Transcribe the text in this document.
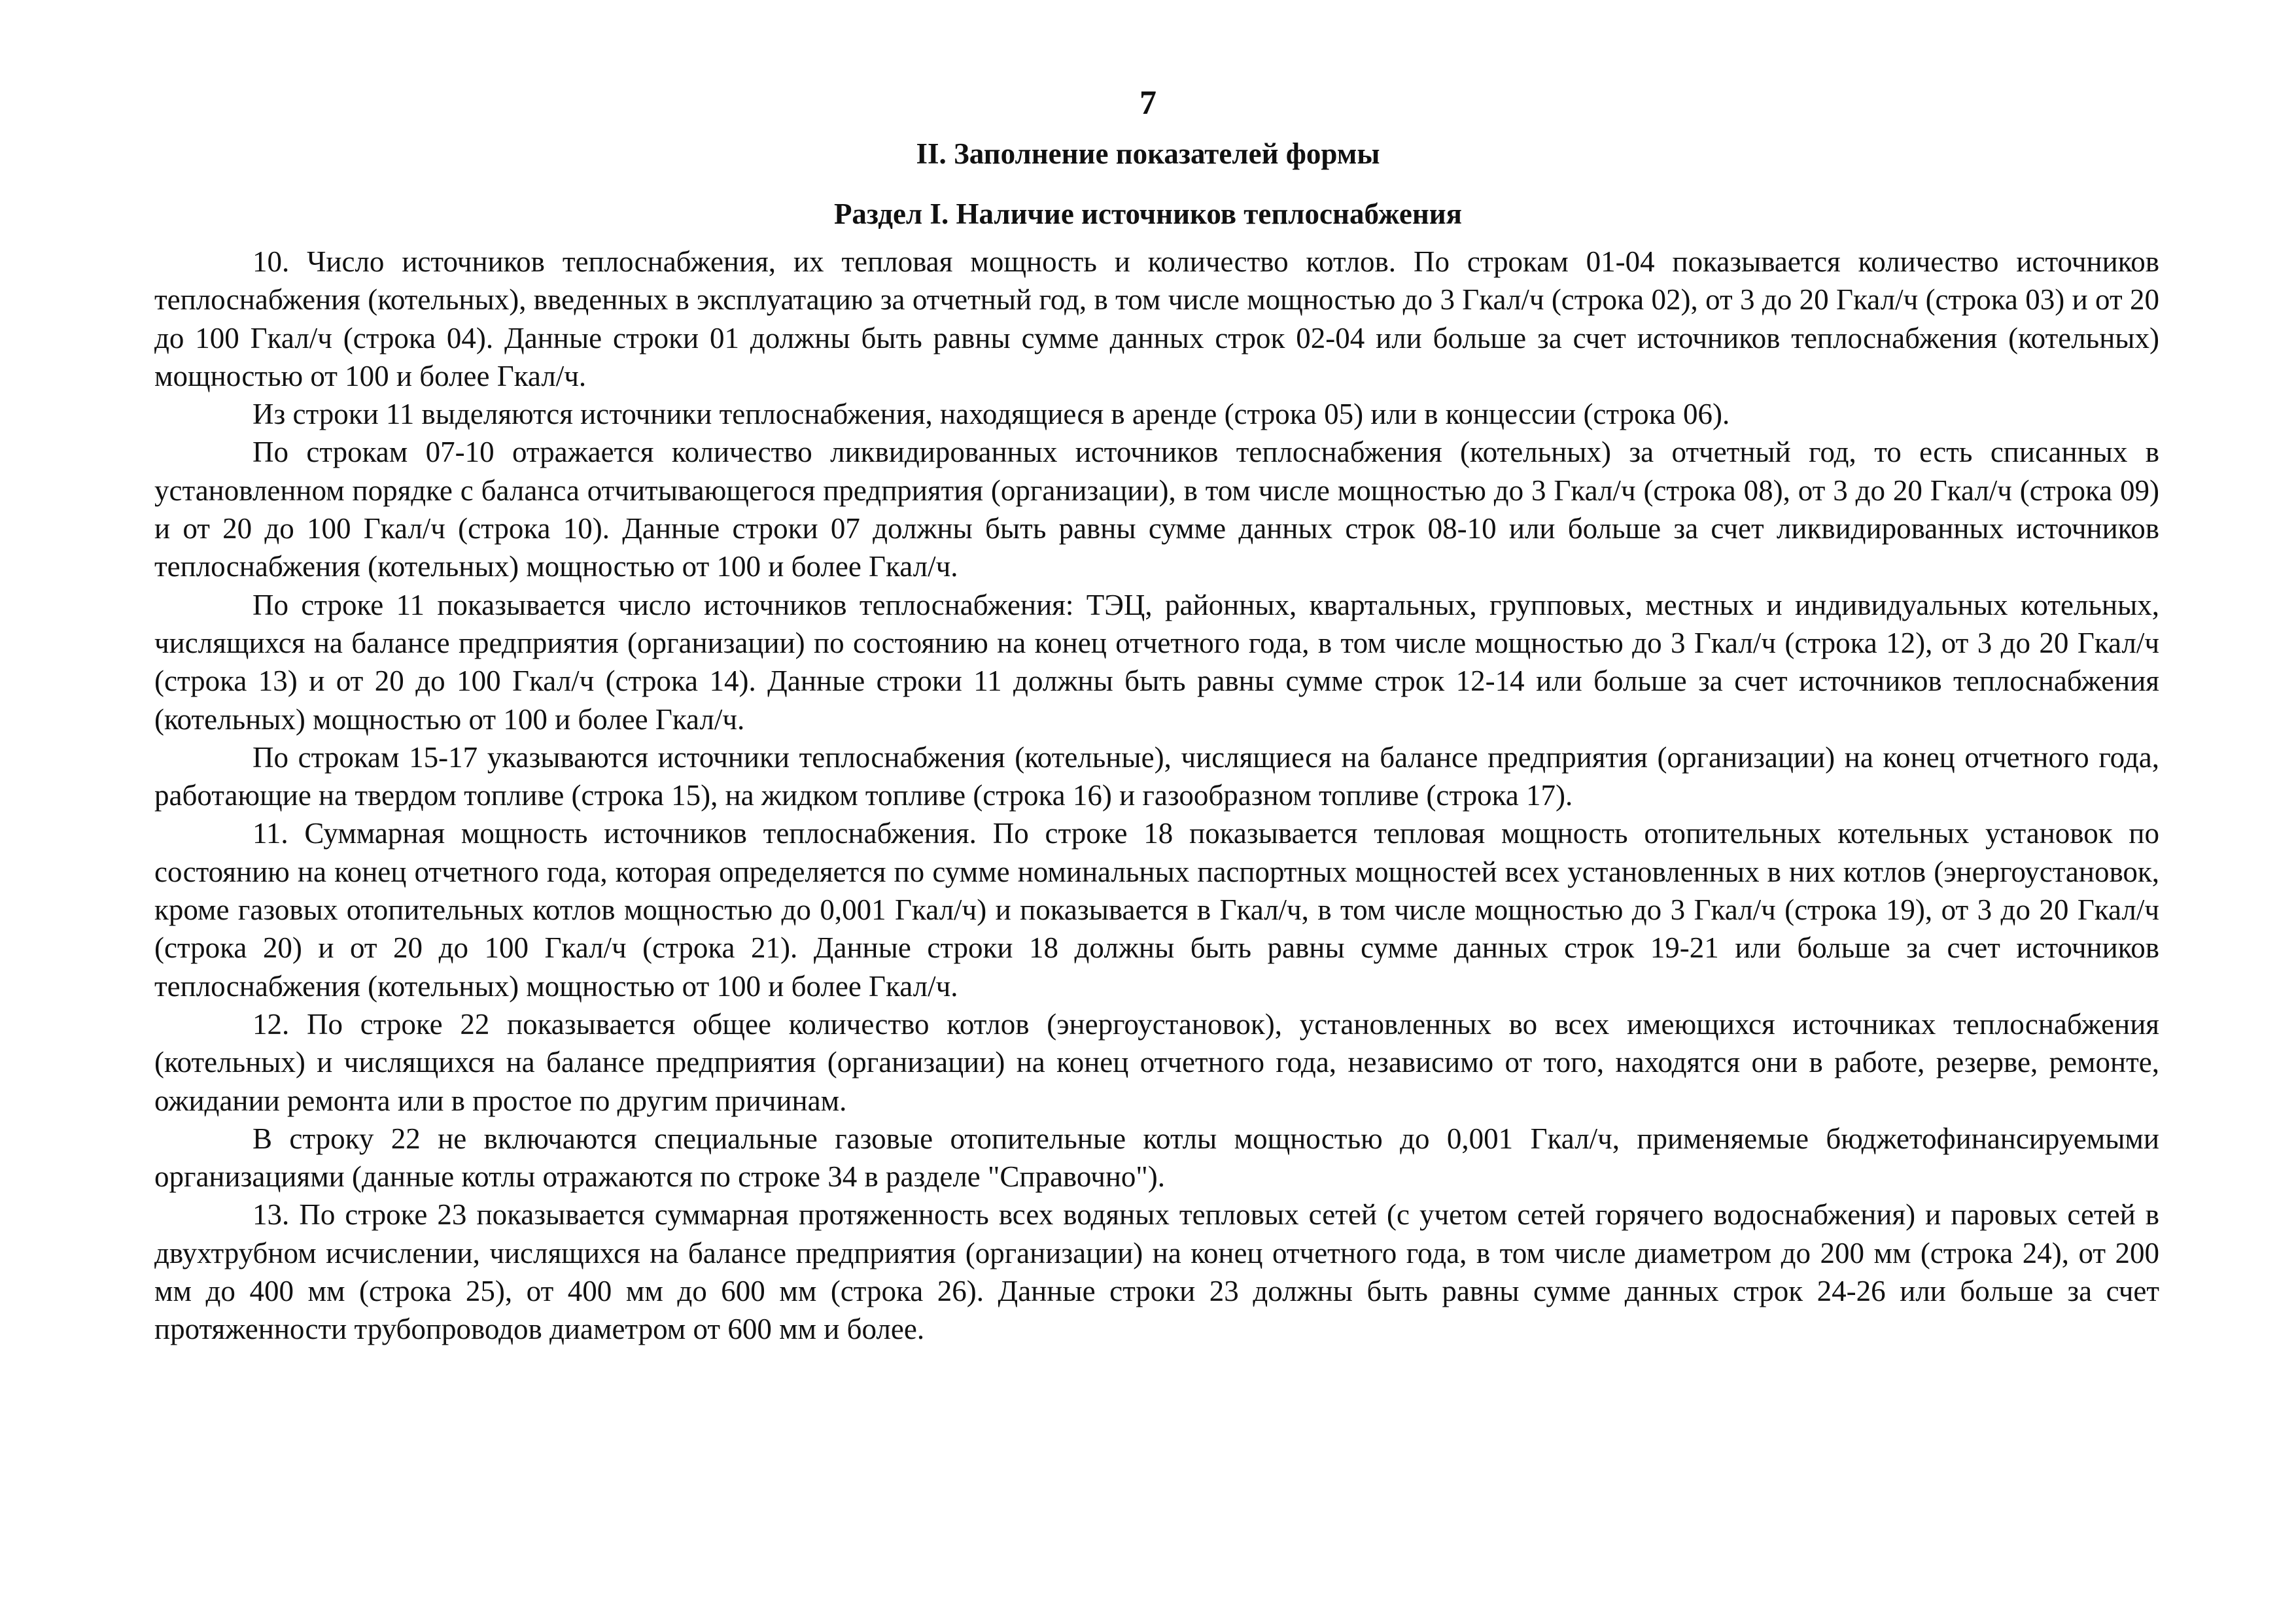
7
II. Заполнение показателей формы
Раздел I. Наличие источников теплоснабжения

10. Число источников теплоснабжения, их тепловая мощность и количество котлов. По строкам 01-04 показывается количество источников теплоснабжения (котельных), введенных в эксплуатацию за отчетный год, в том числе мощностью до 3 Гкал/ч (строка 02), от 3 до 20 Гкал/ч (строка 03) и от 20 до 100 Гкал/ч (строка 04). Данные строки 01 должны быть равны сумме данных строк 02-04 или больше за счет источников теплоснабжения (котельных) мощностью от 100 и более Гкал/ч.

Из строки 11 выделяются источники теплоснабжения, находящиеся в аренде (строка 05) или в концессии (строка 06).

По строкам 07-10 отражается количество ликвидированных источников теплоснабжения (котельных) за отчетный год, то есть списанных в установленном порядке с баланса отчитывающегося предприятия (организации), в том числе мощностью до 3 Гкал/ч (строка 08), от 3 до 20 Гкал/ч (строка 09) и от 20 до 100 Гкал/ч (строка 10). Данные строки 07 должны быть равны сумме данных строк 08-10 или больше за счет ликвидированных источников теплоснабжения (котельных) мощностью от 100 и более Гкал/ч.

По строке 11 показывается число источников теплоснабжения: ТЭЦ, районных, квартальных, групповых, местных и индивидуальных котельных, числящихся на балансе предприятия (организации) по состоянию на конец отчетного года, в том числе мощностью до 3 Гкал/ч (строка 12), от 3 до 20 Гкал/ч (строка 13) и от 20 до 100 Гкал/ч (строка 14). Данные строки 11 должны быть равны сумме строк 12-14 или больше за счет источников теплоснабжения (котельных) мощностью от 100 и более Гкал/ч.

По строкам 15-17 указываются источники теплоснабжения (котельные), числящиеся на балансе предприятия (организации) на конец отчетного года, работающие на твердом топливе (строка 15), на жидком топливе (строка 16) и газообразном топливе (строка 17).

11. Суммарная мощность источников теплоснабжения. По строке 18 показывается тепловая мощность отопительных котельных установок по состоянию на конец отчетного года, которая определяется по сумме номинальных паспортных мощностей всех установленных в них котлов (энергоустановок, кроме газовых отопительных котлов мощностью до 0,001 Гкал/ч) и показывается в Гкал/ч, в том числе мощностью до 3 Гкал/ч (строка 19), от 3 до 20 Гкал/ч (строка 20) и от 20 до 100 Гкал/ч (строка 21). Данные строки 18 должны быть равны сумме данных строк 19-21 или больше за счет источников теплоснабжения (котельных) мощностью от 100 и более Гкал/ч.

12. По строке 22 показывается общее количество котлов (энергоустановок), установленных во всех имеющихся источниках теплоснабжения (котельных) и числящихся на балансе предприятия (организации) на конец отчетного года, независимо от того, находятся они в работе, резерве, ремонте, ожидании ремонта или в простое по другим причинам.

В строку 22 не включаются специальные газовые отопительные котлы мощностью до 0,001 Гкал/ч, применяемые бюджетофинансируемыми организациями (данные котлы отражаются по строке 34 в разделе "Справочно").

13. По строке 23 показывается суммарная протяженность всех водяных тепловых сетей (с учетом сетей горячего водоснабжения) и паровых сетей в двухтрубном исчислении, числящихся на балансе предприятия (организации) на конец отчетного года, в том числе диаметром до 200 мм (строка 24), от 200 мм до 400 мм (строка 25), от 400 мм до 600 мм (строка 26). Данные строки 23 должны быть равны сумме данных строк 24-26 или больше за счет протяженности трубопроводов диаметром от 600 мм и более.
